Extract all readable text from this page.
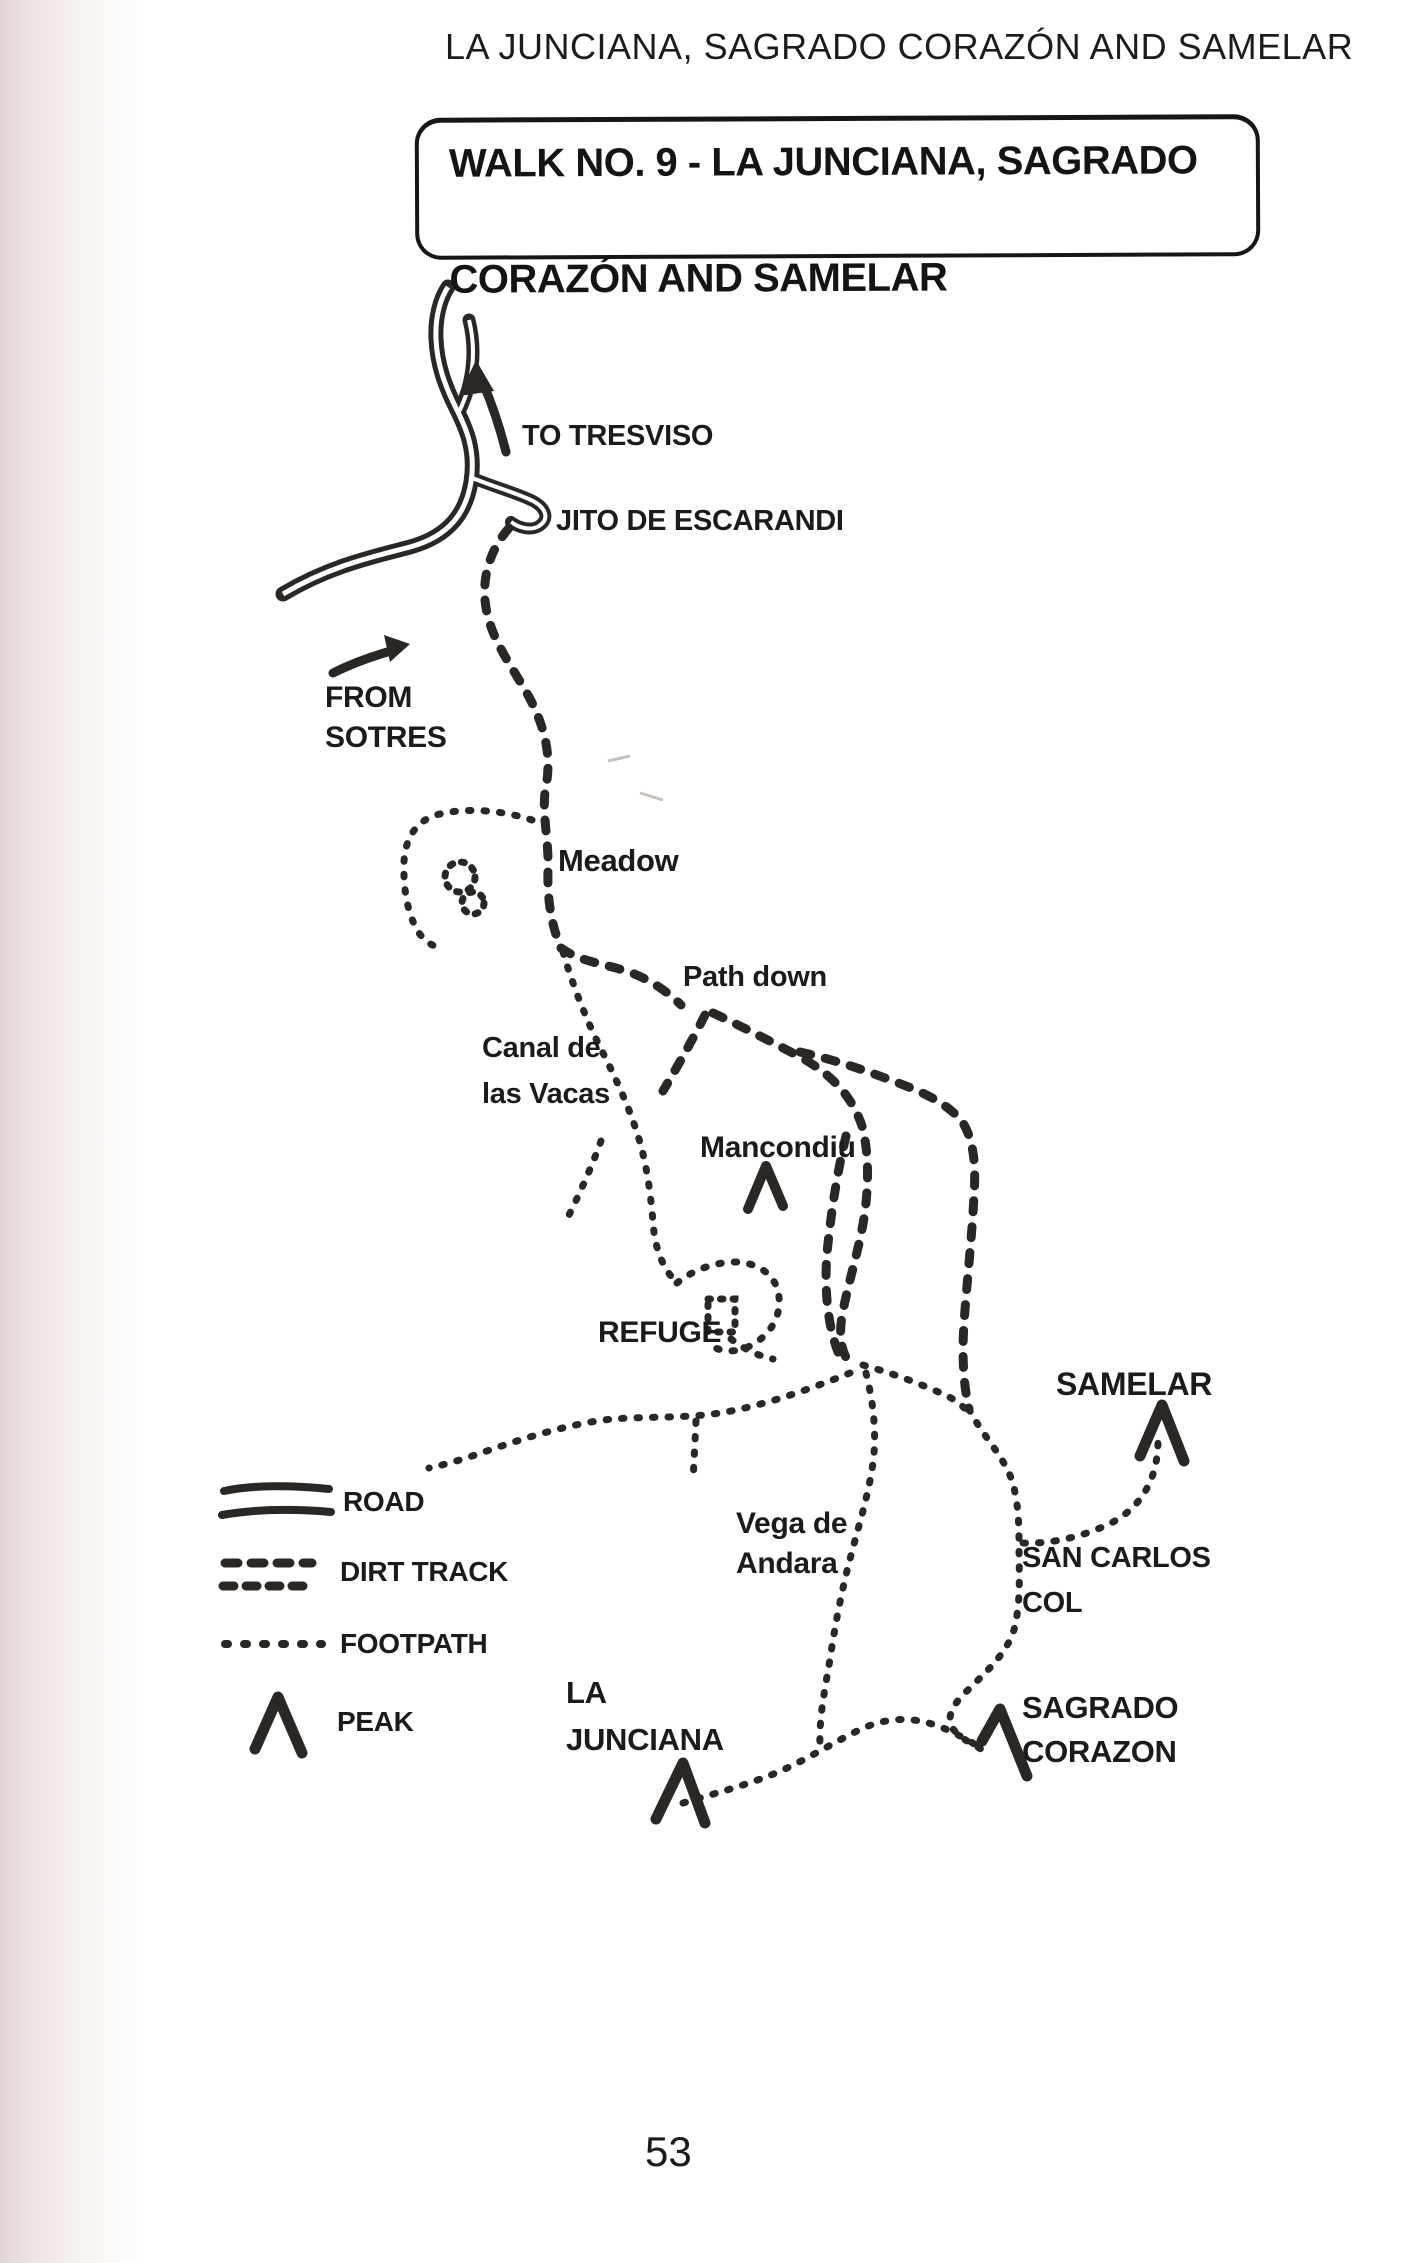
LA JUNCIANA, SAGRADO CORAZÓN AND SAMELAR
WALK NO. 9 - LA JUNCIANA, SAGRADO

CORAZÓN AND SAMELAR
TO TRESVISO
JITO DE ESCARANDI
FROM
SOTRES
Meadow
Path down
Canal de
las Vacas
Mancondiu
REFUGE
SAMELAR
Vega de
Andara	SAN CARLOS
COL
LA
JUNCIANA
SAGRADO
CORAZON
ROAD
DIRT TRACK
FOOTPATH
PEAK
53
